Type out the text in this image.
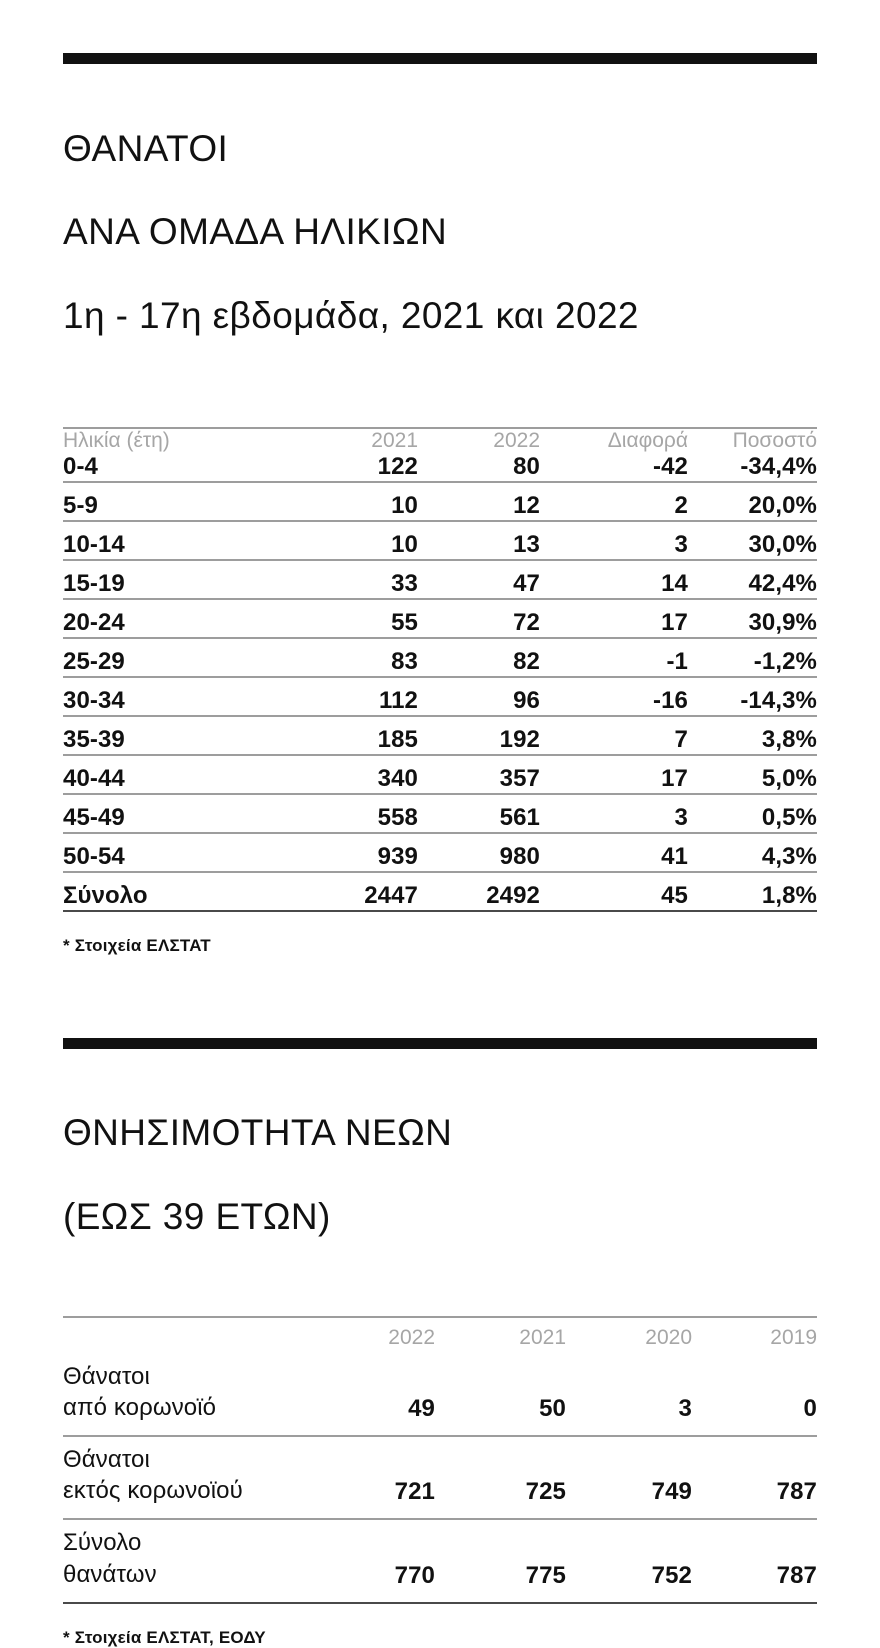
ΘΑΝΑΤΟΙ

ΑΝΑ ΟΜΑΔΑ ΗΛΙΚΙΩΝ

1η - 17η εβδομάδα, 2021 και 2022

Ηλικία (έτη)	2021	2022	Διαφορά	Ποσοστό
0-4	122	80	-42	-34,4%
5-9	10	12	2	20,0%
10-14	10	13	3	30,0%
15-19	33	47	14	42,4%
20-24	55	72	17	30,9%
25-29	83	82	-1	-1,2%
30-34	112	96	-16	-14,3%
35-39	185	192	7	3,8%
40-44	340	357	17	5,0%
45-49	558	561	3	0,5%
50-54	939	980	41	4,3%
Σύνολο	2447	2492	45	1,8%
* Στοιχεία ΕΛΣΤΑΤ

ΘΝΗΣΙΜΟΤΗΤΑ ΝΕΩΝ

(ΕΩΣ 39 ΕΤΩΝ)

	2022	2021	2020	2019

Θάνατοι
από κορωνοϊό	49	50	3	0

Θάνατοι
εκτός κορωνοϊού	721	725	749	787

Σύνολο
θανάτων	770	775	752	787
* Στοιχεία ΕΛΣΤΑΤ, ΕΟΔΥ
